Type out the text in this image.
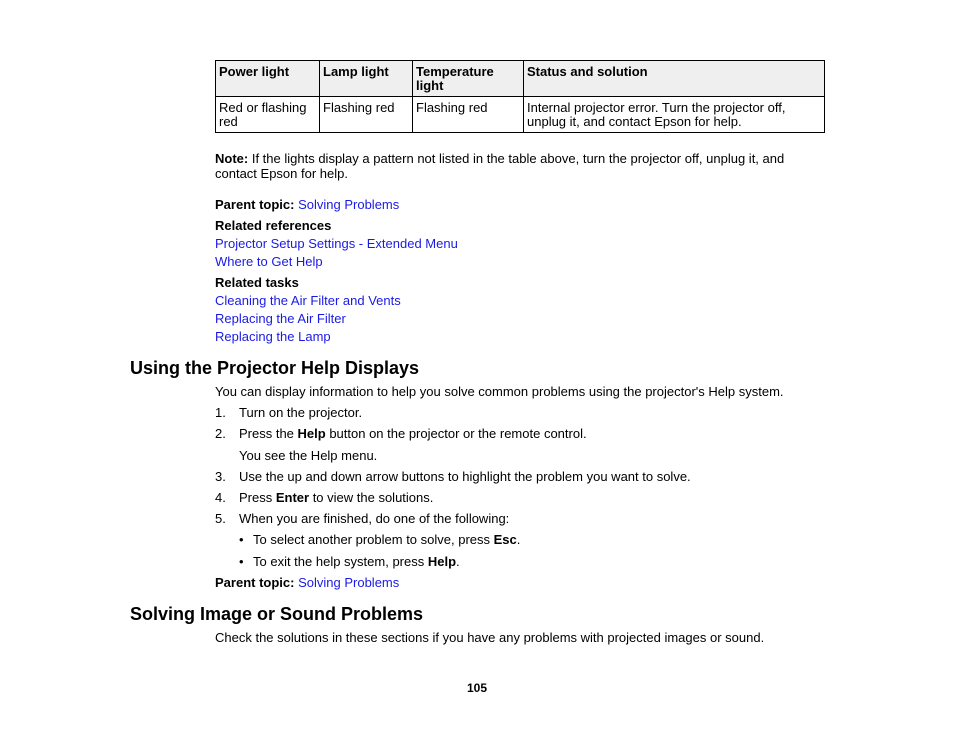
Power light	Lamp light	Temperature light	Status and solution
Red or flashing red	Flashing red	Flashing red	Internal projector error. Turn the projector off, unplug it, and contact Epson for help.
Note: If the lights display a pattern not listed in the table above, turn the projector off, unplug it, and contact Epson for help.
Parent topic: Solving Problems
Related references
Projector Setup Settings - Extended Menu
Where to Get Help
Related tasks
Cleaning the Air Filter and Vents
Replacing the Air Filter
Replacing the Lamp
Using the Projector Help Displays
You can display information to help you solve common problems using the projector's Help system.
1. Turn on the projector.
2. Press the Help button on the projector or the remote control.
You see the Help menu.
3. Use the up and down arrow buttons to highlight the problem you want to solve.
4. Press Enter to view the solutions.
5. When you are finished, do one of the following:
• To select another problem to solve, press Esc.
• To exit the help system, press Help.
Parent topic: Solving Problems
Solving Image or Sound Problems
Check the solutions in these sections if you have any problems with projected images or sound.
105
